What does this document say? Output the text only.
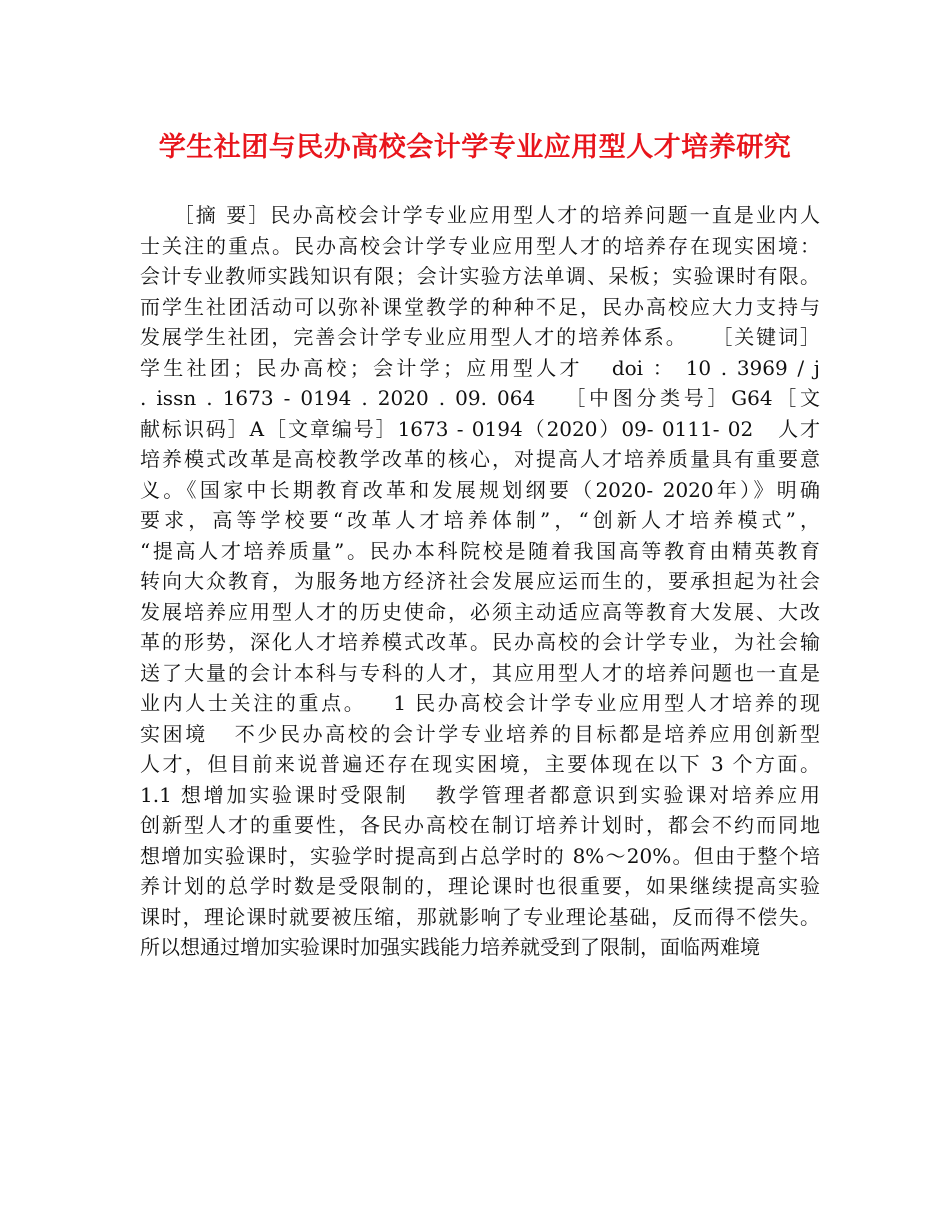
学生社团与民办高校会计学专业应用型人才培养研究
［摘 要］民办高校会计学专业应用型人才的培养问题一直是业内人
士关注的重点。民办高校会计学专业应用型人才的培养存在现实困境：
会计专业教师实践知识有限；会计实验方法单调、呆板；实验课时有限。
而学生社团活动可以弥补课堂教学的种种不足，民办高校应大力支持与
发展学生社团，完善会计学专业应用型人才的培养体系。   ［关键词］
学生社团；民办高校；会计学；应用型人才   doi ： 10 . 3969 / j
. issn . 1673 - 0194 . 2020 . 09. 064   ［中图分类号］G64［文
献标识码］A［文章编号］1673 - 0194（2020）09- 0111- 02   人才
培养模式改革是高校教学改革的核心，对提高人才培养质量具有重要意
义。《国家中长期教育改革和发展规划纲要（2020- 2020年）》明确
要求，高等学校要“改革人才培养体制”，“创新人才培养模式”，
“提高人才培养质量”。民办本科院校是随着我国高等教育由精英教育
转向大众教育，为服务地方经济社会发展应运而生的，要承担起为社会
发展培养应用型人才的历史使命，必须主动适应高等教育大发展、大改
革的形势，深化人才培养模式改革。民办高校的会计学专业，为社会输
送了大量的会计本科与专科的人才，其应用型人才的培养问题也一直是
业内人士关注的重点。   1 民办高校会计学专业应用型人才培养的现
实困境   不少民办高校的会计学专业培养的目标都是培养应用创新型
人才，但目前来说普遍还存在现实困境，主要体现在以下 3 个方面。
1.1 想增加实验课时受限制   教学管理者都意识到实验课对培养应用
创新型人才的重要性，各民办高校在制订培养计划时，都会不约而同地
想增加实验课时，实验学时提高到占总学时的 8%～20%。但由于整个培
养计划的总学时数是受限制的，理论课时也很重要，如果继续提高实验
课时，理论课时就要被压缩，那就影响了专业理论基础，反而得不偿失。
所以想通过增加实验课时加强实践能力培养就受到了限制，面临两难境
